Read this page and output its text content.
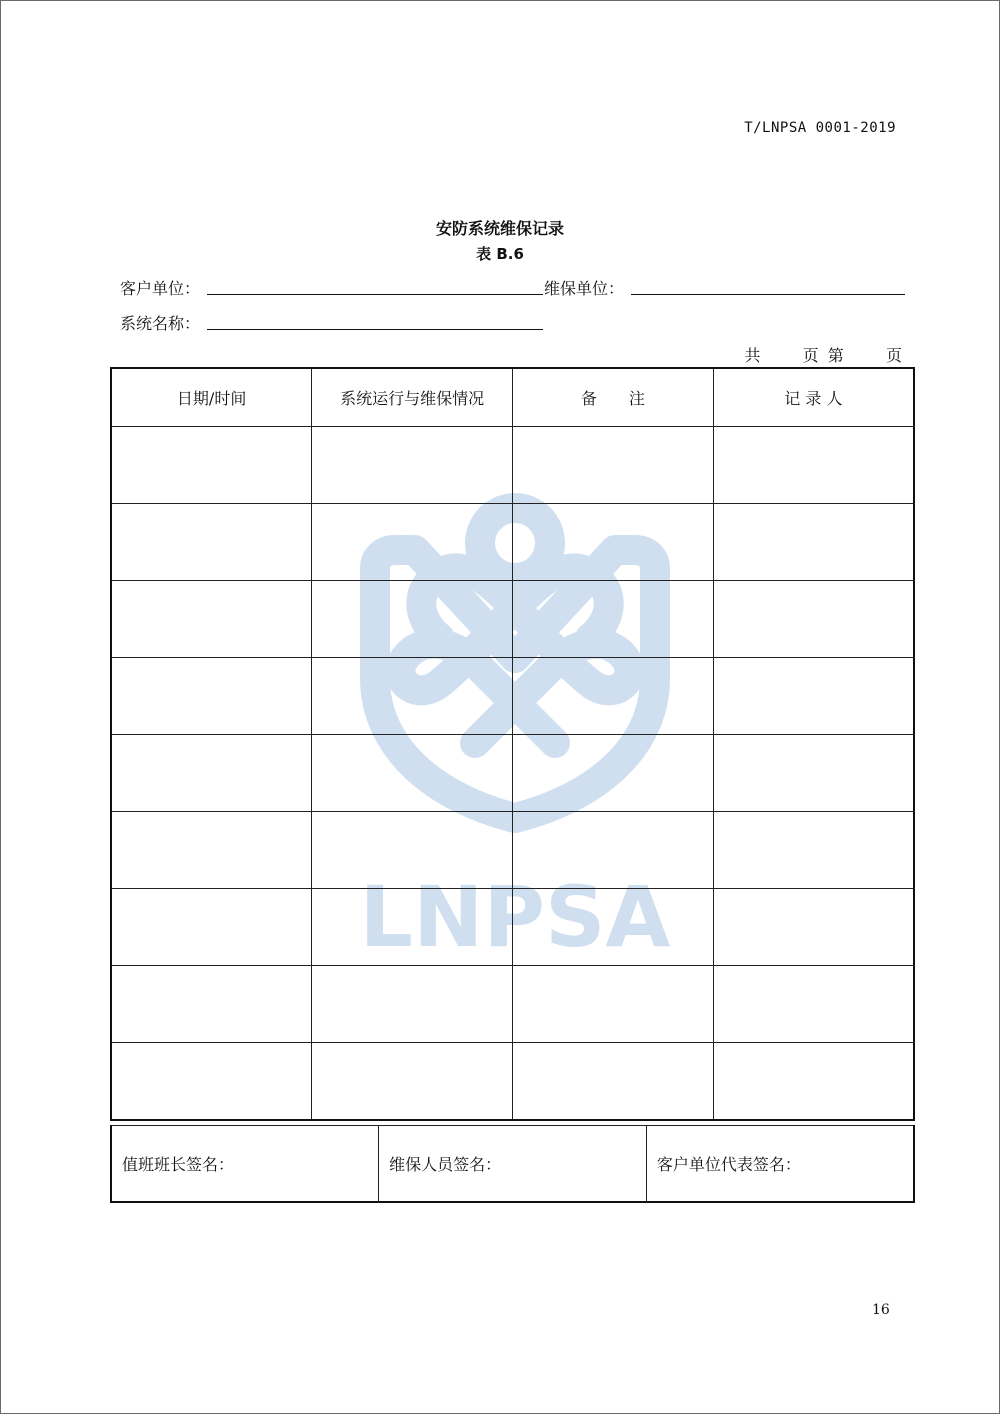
T/LNPSA 0001-2019
LNPSA
安防系统维保记录
表 B.6
客户单位：	维保单位：
系统名称：
共	页 第	页
日期/时间	系统运行与维保情况	备　　注	记 录 人

值班班长签名：	维保人员签名：	客户单位代表签名：
16
